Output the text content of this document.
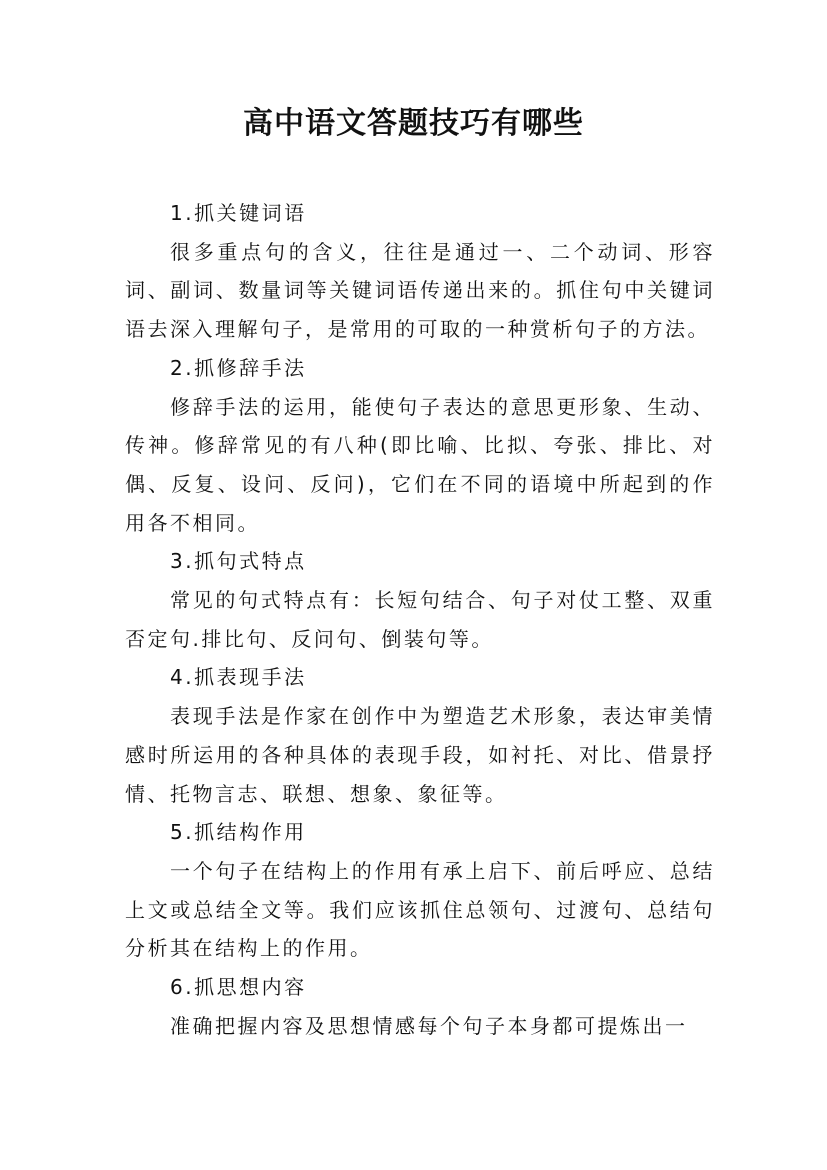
高中语文答题技巧有哪些

1.抓关键词语

很多重点句的含义，往往是通过一、二个动词、形容词、副词、数量词等关键词语传递出来的。抓住句中关键词语去深入理解句子，是常用的可取的一种赏析句子的方法。

2.抓修辞手法

修辞手法的运用，能使句子表达的意思更形象、生动、传神。修辞常见的有八种(即比喻、比拟、夸张、排比、对偶、反复、设问、反问)，它们在不同的语境中所起到的作用各不相同。

3.抓句式特点

常见的句式特点有：长短句结合、句子对仗工整、双重否定句.排比句、反问句、倒装句等。

4.抓表现手法

表现手法是作家在创作中为塑造艺术形象，表达审美情感时所运用的各种具体的表现手段，如衬托、对比、借景抒情、托物言志、联想、想象、象征等。

5.抓结构作用

一个句子在结构上的作用有承上启下、前后呼应、总结上文或总结全文等。我们应该抓住总领句、过渡句、总结句分析其在结构上的作用。

6.抓思想内容

准确把握内容及思想情感每个句子本身都可提炼出一
